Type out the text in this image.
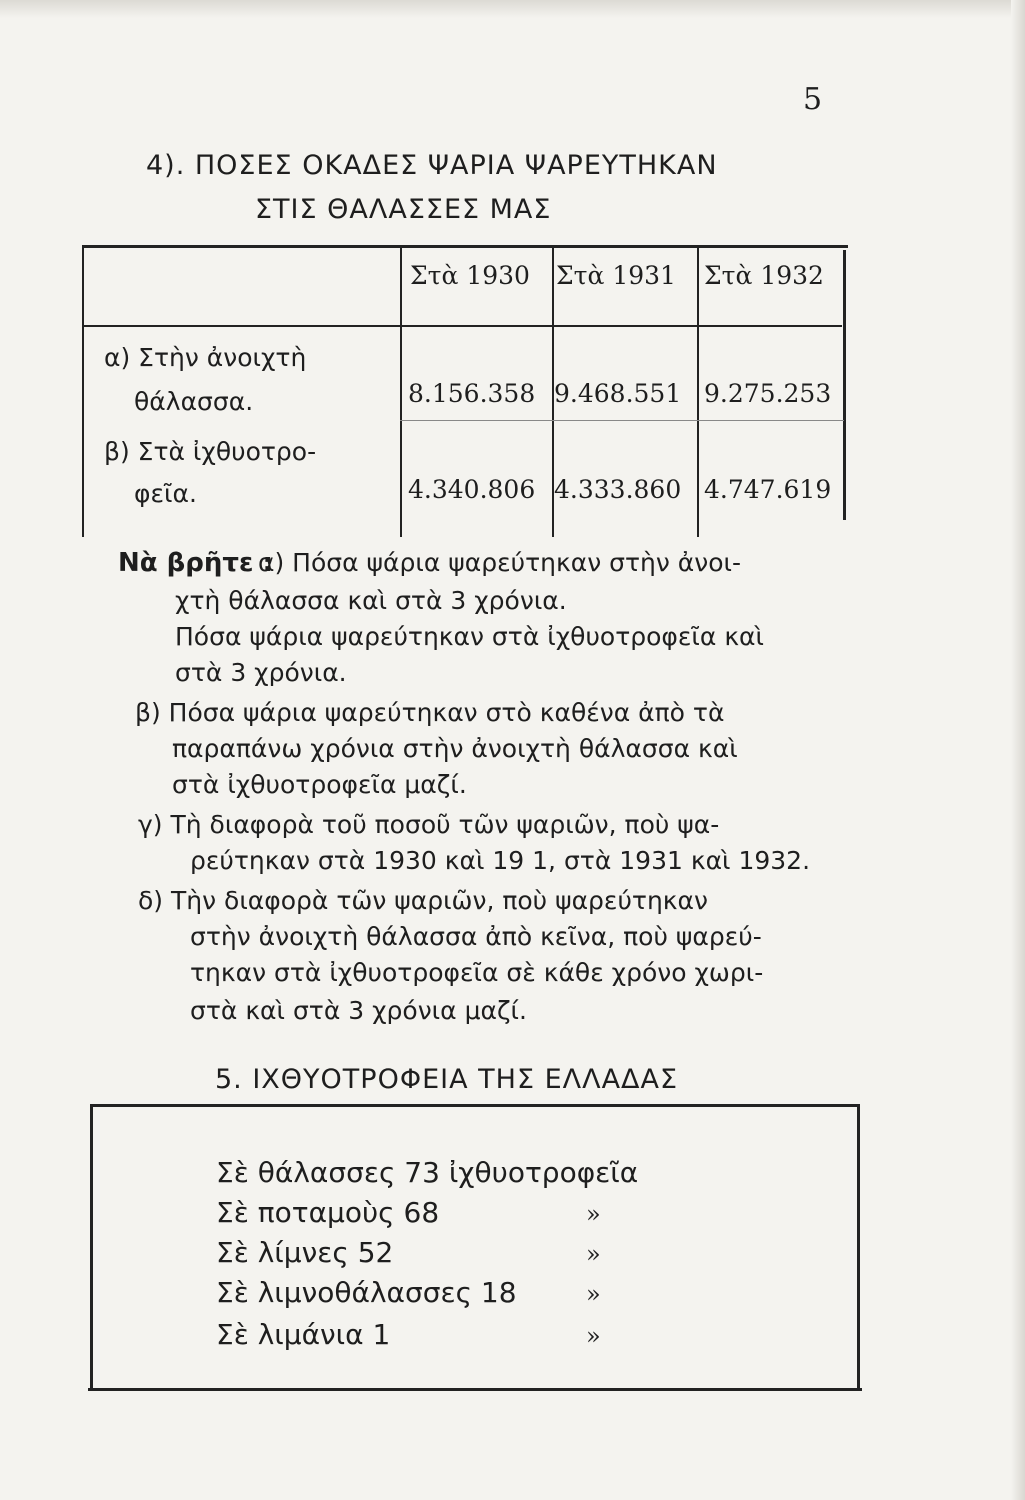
5
4). ΠΟΣΕΣ ΟΚΑΔΕΣ ΨΑΡΙΑ ΨΑΡΕΥΤΗΚΑΝ
ΣΤΙΣ ΘΑΛΑΣΣΕΣ ΜΑΣ
Στὰ 1930 Στὰ 1931 Στὰ 1932
α) Στὴν ἀνοιχτὴ
θάλασσα.	8.156.358 9.468.551 9.275.253
β) Στὰ ἰχθυοτρο-
φεῖα.	4.340.806 4.333.860 4.747.619
Νὰ βρῆτε :
α) Πόσα ψάρια ψαρεύτηκαν στὴν ἀνοι-
χτὴ θάλασσα καὶ στὰ 3 χρόνια.
Πόσα ψάρια ψαρεύτηκαν στὰ ἰχθυοτροφεῖα καὶ
στὰ 3 χρόνια.
β) Πόσα ψάρια ψαρεύτηκαν στὸ καθένα ἀπὸ τὰ
παραπάνω χρόνια στὴν ἀνοιχτὴ θάλασσα καὶ
στὰ ἰχθυοτροφεῖα μαζί.
γ) Τὴ διαφορὰ τοῦ ποσοῦ τῶν ψαριῶν, ποὺ ψα-
ρεύτηκαν στὰ 1930 καὶ 19 1, στὰ 1931 καὶ 1932.
δ) Τὴν διαφορὰ τῶν ψαριῶν, ποὺ ψαρεύτηκαν
στὴν ἀνοιχτὴ θάλασσα ἀπὸ κεῖνα, ποὺ ψαρεύ-
τηκαν στὰ ἰχθυοτροφεῖα σὲ κάθε χρόνο χωρι-
στὰ καὶ στὰ 3 χρόνια μαζί.
5. ΙΧΘΥΟΤΡΟΦΕΙΑ ΤΗΣ ΕΛΛΑΔΑΣ
Σὲ θάλασσες 73 ἰχθυοτροφεῖα
Σὲ ποταμοὺς 68	»
Σὲ λίμνες 52	»
Σὲ λιμνοθάλασσες 18	»
Σὲ λιμάνια 1	»
